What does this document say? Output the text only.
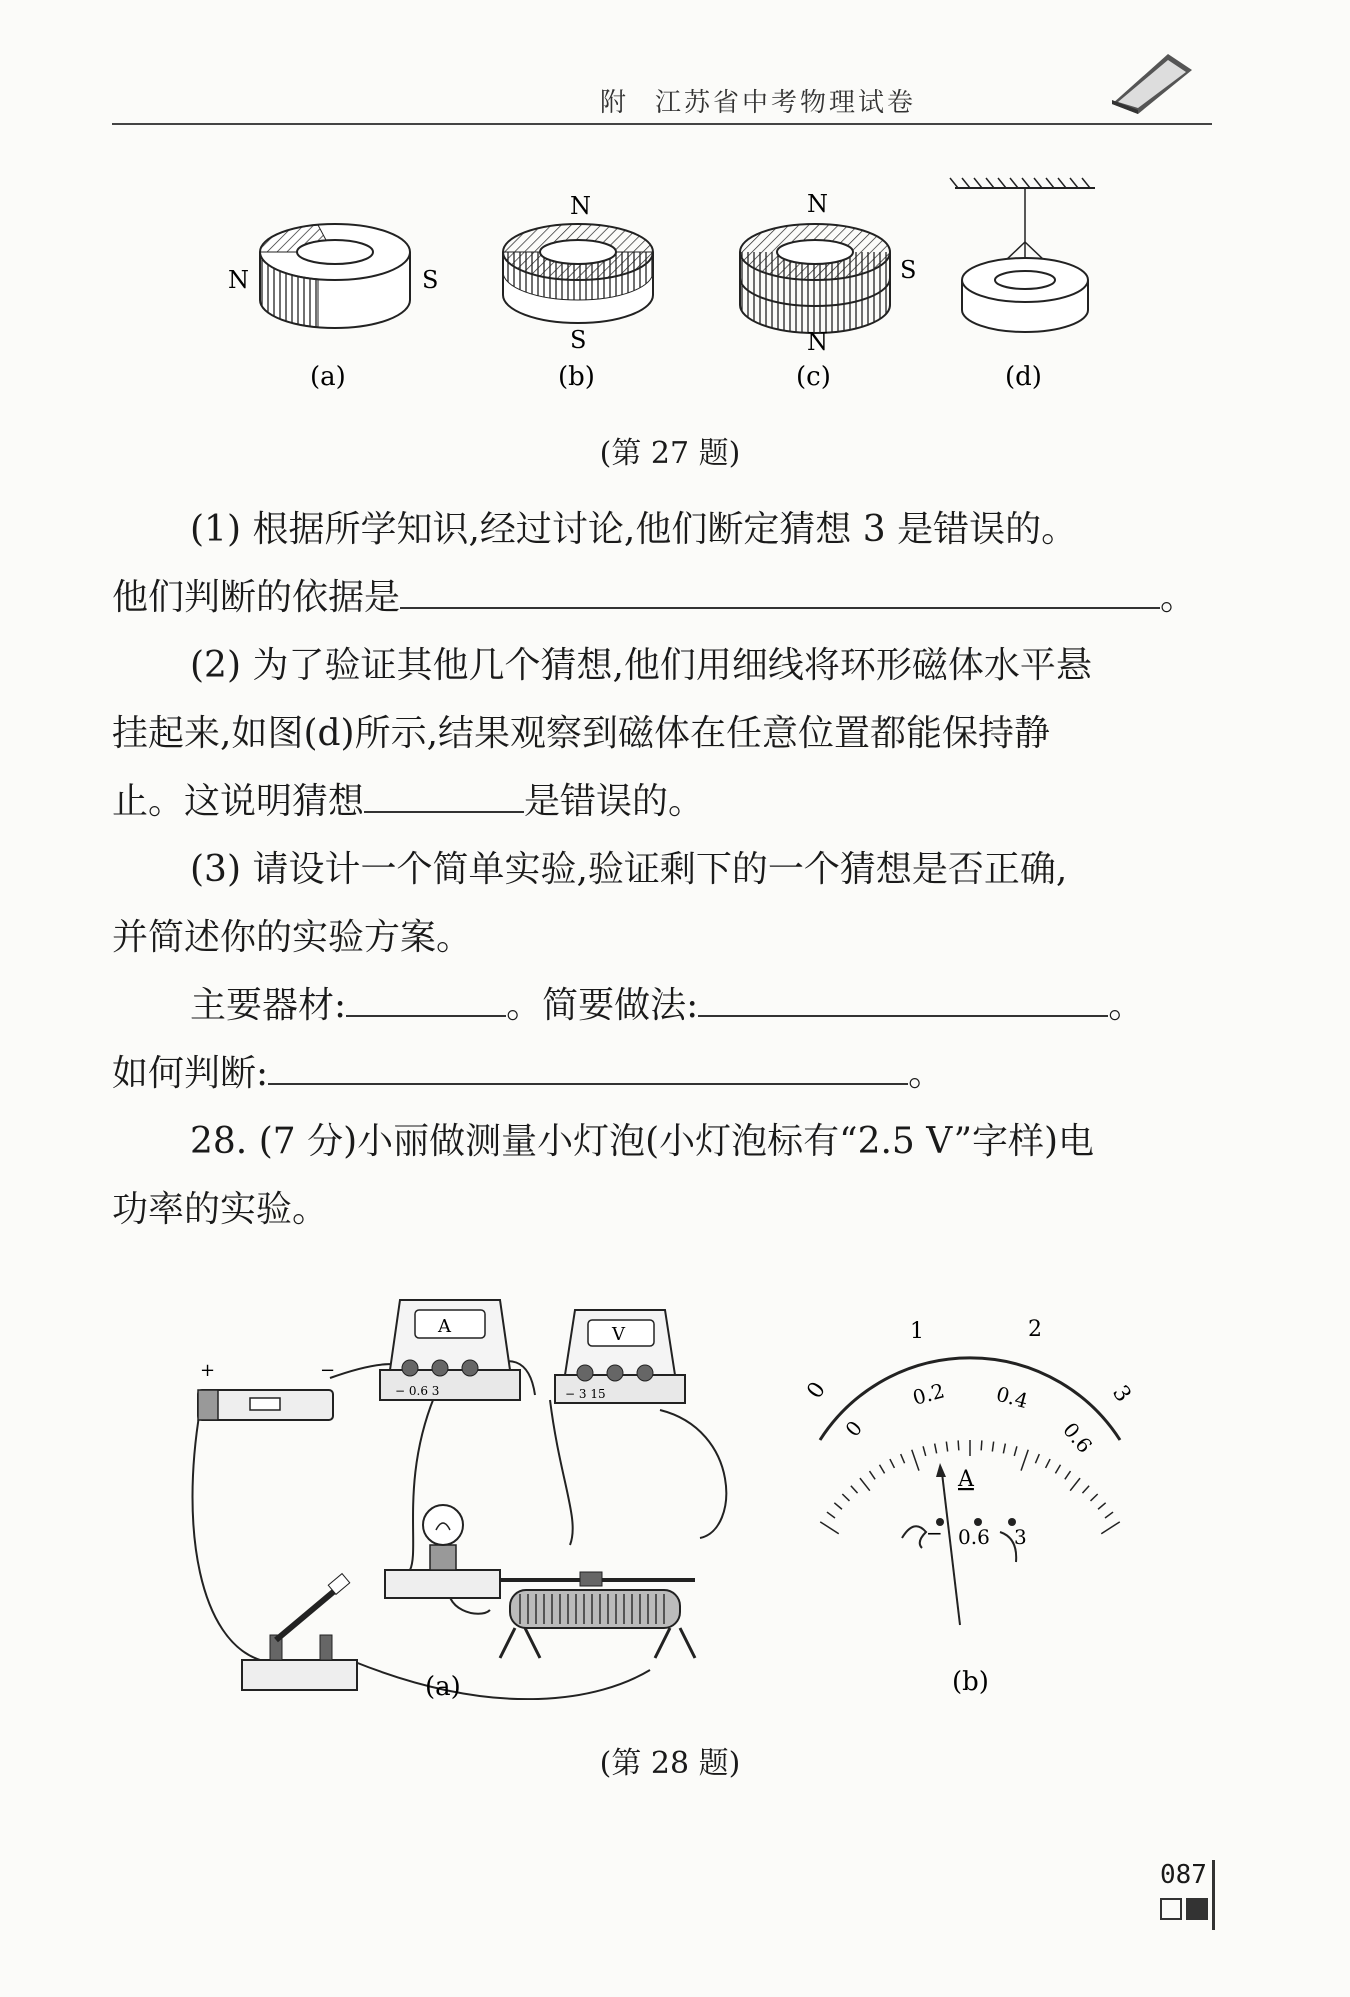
附 江苏省中考物理试卷
N	S
N
S
N
S
N
(a)	(b)	(c)	(d)
(第 27 题)
(1) 根据所学知识,经过讨论,他们断定猜想 3 是错误的。
他们判断的依据是	。
(2) 为了验证其他几个猜想,他们用细线将环形磁体水平悬
挂起来,如图(d)所示,结果观察到磁体在任意位置都能保持静
止。这说明猜想	是错误的。
(3) 请设计一个简单实验,验证剩下的一个猜想是否正确,
并简述你的实验方案。
主要器材:	。简要做法:	。
如何判断:	。
28. (7 分)小丽做测量小灯泡(小灯泡标有“2.5 V”字样)电
功率的实验。
+	−
A
− 0.6 3
V
− 3 15
(a)
0
1	2
3
0
0.2 0.4
0.6
A
− 0.6 3
(b)
(第 28 题)
087
